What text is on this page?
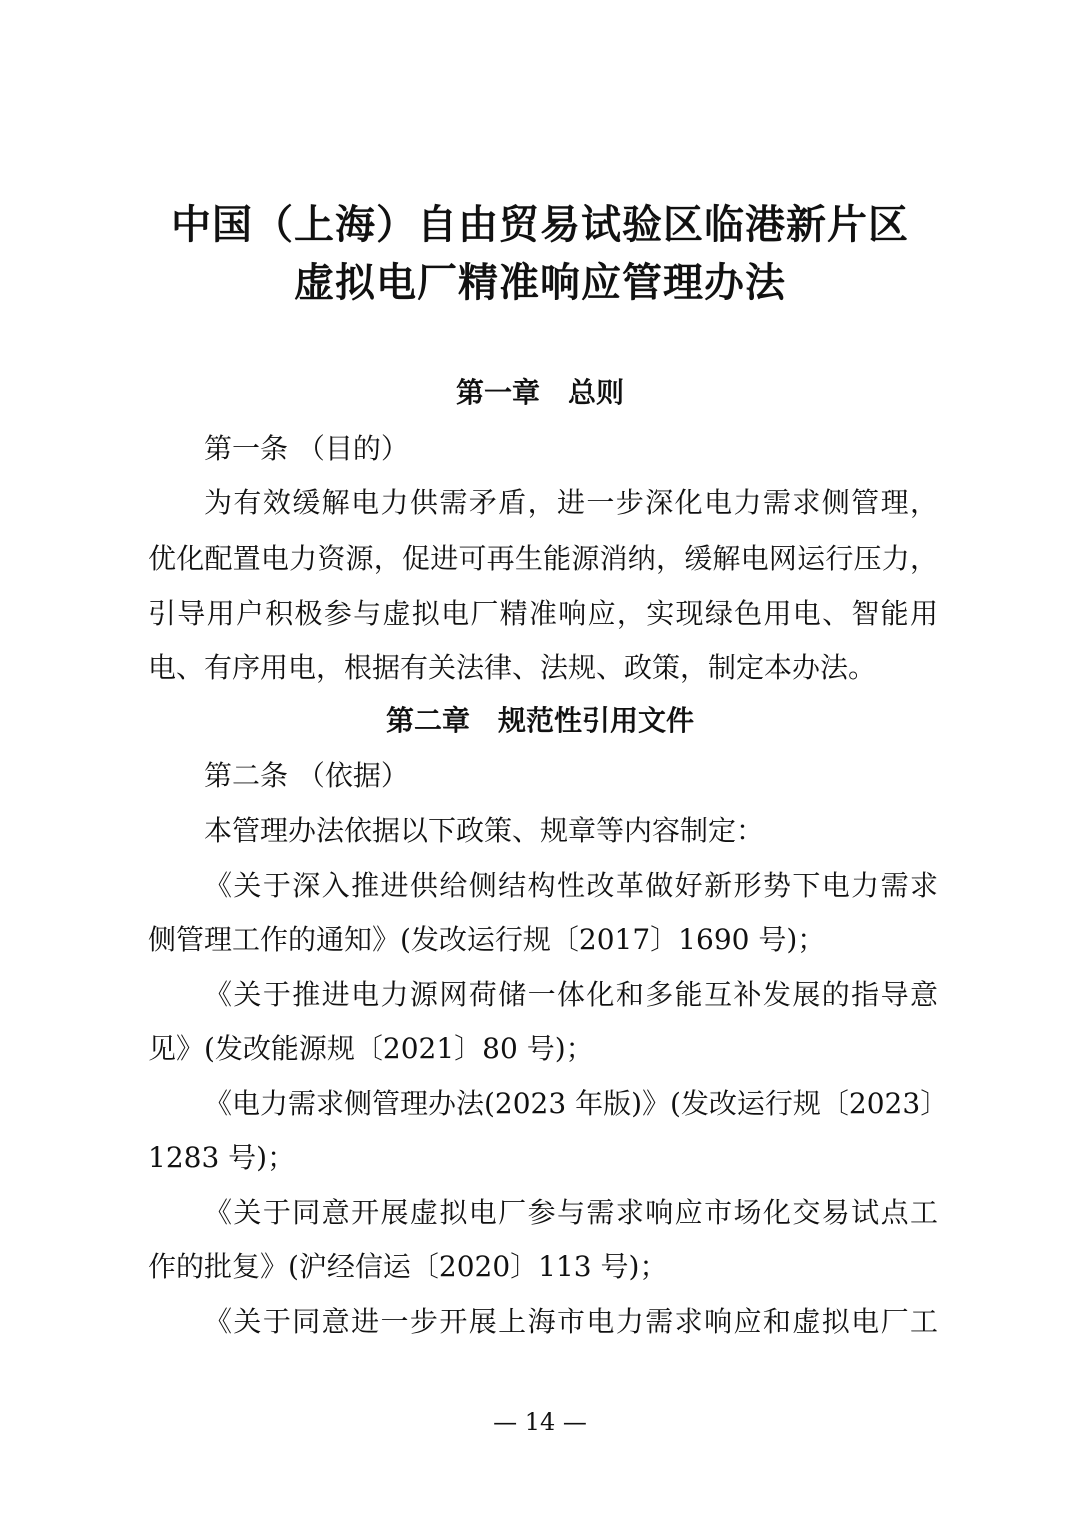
中国（上海）自由贸易试验区临港新片区
虚拟电厂精准响应管理办法
第一章　总则
第一条 （目的）
为有效缓解电力供需矛盾，进一步深化电力需求侧管理，
优化配置电力资源，促进可再生能源消纳，缓解电网运行压力，
引导用户积极参与虚拟电厂精准响应，实现绿色用电、智能用
电、有序用电，根据有关法律、法规、政策，制定本办法。
第二章　规范性引用文件
第二条 （依据）
本管理办法依据以下政策、规章等内容制定：
《关于深入推进供给侧结构性改革做好新形势下电力需求
侧管理工作的通知》(发改运行规〔2017〕1690 号)；
《关于推进电力源网荷储一体化和多能互补发展的指导意
见》(发改能源规〔2021〕80 号)；
《电力需求侧管理办法(2023 年版)》(发改运行规〔2023〕
1283 号)；
《关于同意开展虚拟电厂参与需求响应市场化交易试点工
作的批复》(沪经信运〔2020〕113 号)；
《关于同意进一步开展上海市电力需求响应和虚拟电厂工
— 14 —
